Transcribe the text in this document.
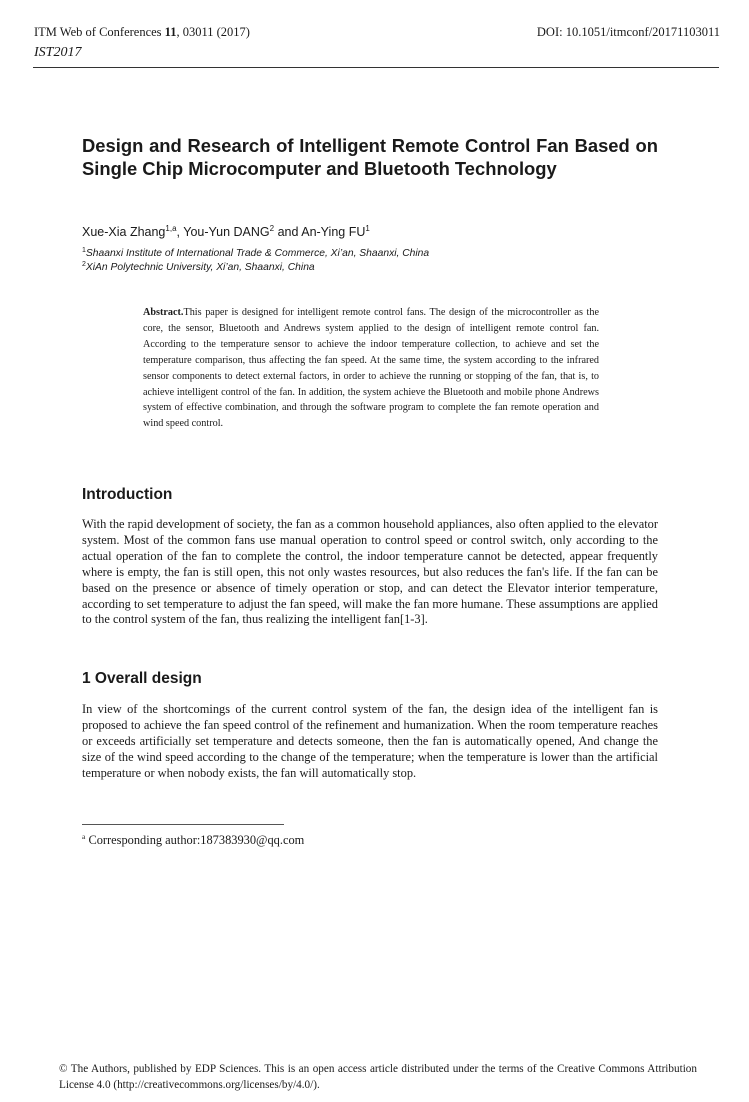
ITM Web of Conferences 11, 03011 (2017)	DOI: 10.1051/itmconf/20171103011
IST2017
Design and Research of Intelligent Remote Control Fan Based on Single Chip Microcomputer and Bluetooth Technology
Xue-Xia Zhang$^{1,a}$, You-Yun DANG$^2$ and An-Ying $FU^1$
$^1$Shaanxi Institute of International Trade & Commerce, Xi’an, Shaanxi, China
$^2$XiAn Polytechnic University, Xi’an, Shaanxi, China

Abstract.This paper is designed for intelligent remote control fans. The design of the microcontroller as the core, the sensor, Bluetooth and Andrews system applied to the design of intelligent remote control fan. According to the temperature sensor to achieve the indoor temperature collection, to achieve and set the temperature comparison, thus affecting the fan speed. At the same time, the system according to the infrared sensor components to detect external factors, in order to achieve the running or stopping of the fan, that is, to achieve intelligent control of the fan. In addition, the system achieve the Bluetooth and mobile phone Andrews system of effective combination, and through the software program to complete the fan remote operation and wind speed control.

Introduction

With the rapid development of society, the fan as a common household appliances, also often applied to the elevator system. Most of the common fans use manual operation to control speed or control switch, only according to the actual operation of the fan to complete the control, the indoor temperature cannot be detected, appear frequently where is empty, the fan is still open, this not only wastes resources, but also reduces the fan's life. If the fan can be based on the presence or absence of timely operation or stop, and can detect the Elevator interior temperature, according to set temperature to adjust the fan speed, will make the fan more humane. These assumptions are applied to the control system of the fan, thus realizing the intelligent fan[1-3].

1 Overall design

In view of the shortcomings of the current control system of the fan, the design idea of the intelligent fan is proposed to achieve the fan speed control of the refinement and humanization. When the room temperature reaches or exceeds artificially set temperature and detects someone, then the fan is automatically opened, And change the size of the wind speed according to the change of the temperature; when the temperature is lower than the artificial temperature or when nobody exists, the fan will automatically stop.

$^a$ Corresponding author:187383930@qq.com

© The Authors, published by EDP Sciences. This is an open access article distributed under the terms of the Creative Commons Attribution License 4.0 (http://creativecommons.org/licenses/by/4.0/).
